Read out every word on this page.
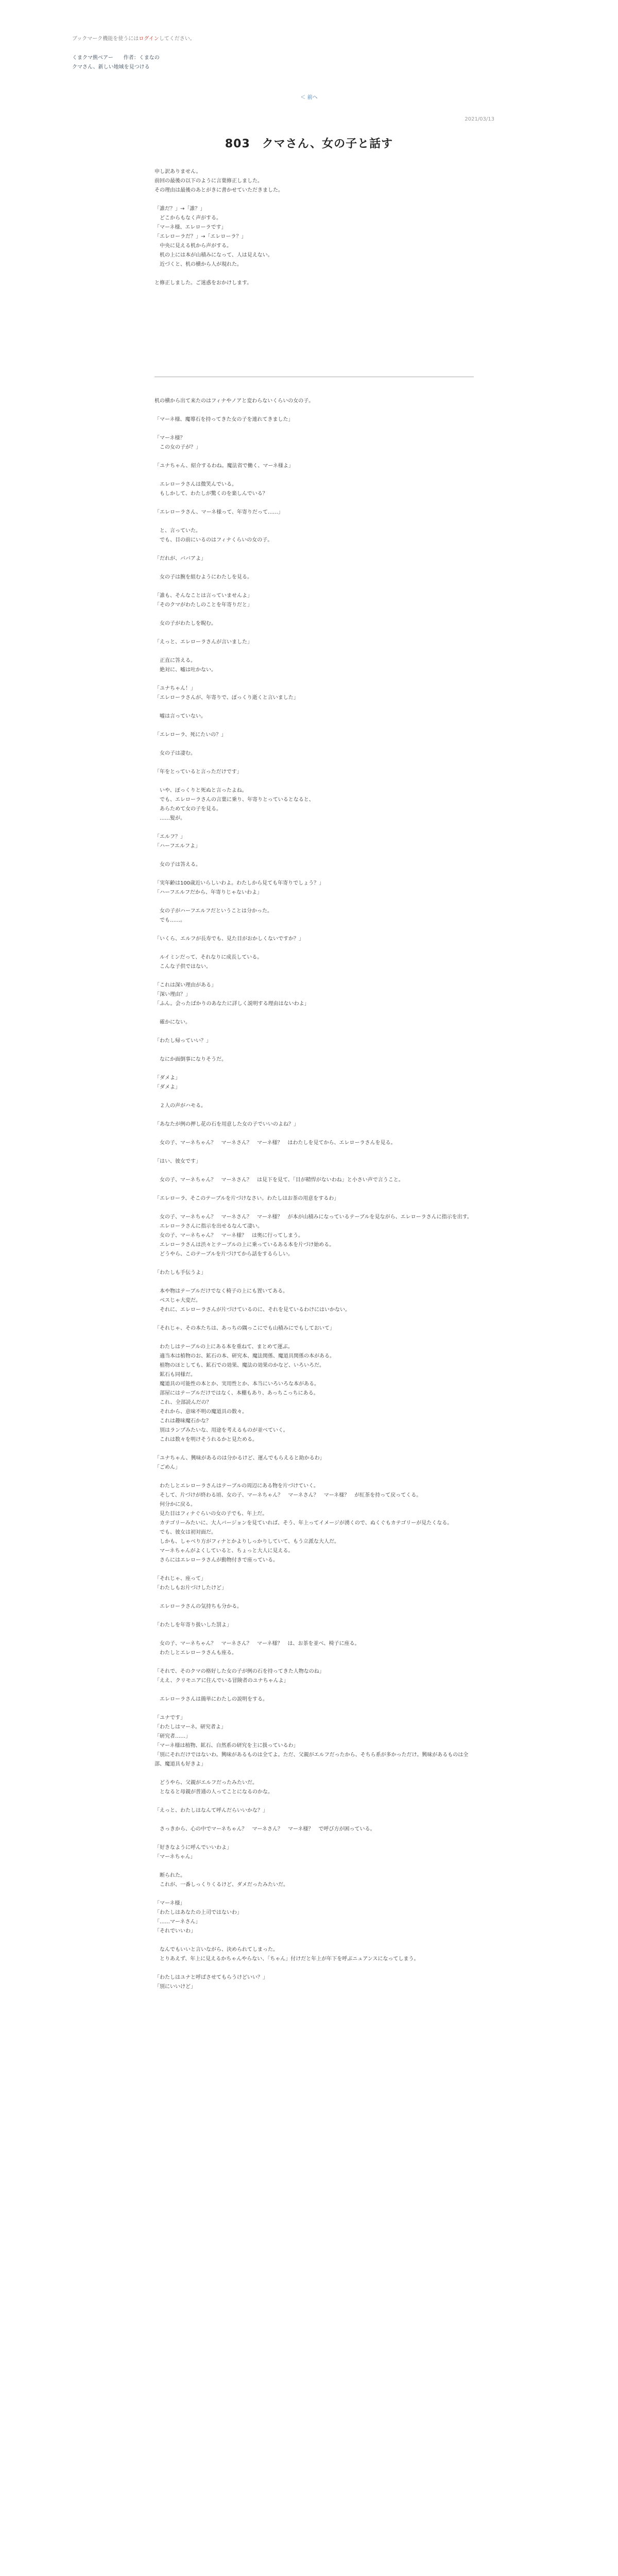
ブックマーク機能を使うにはログインしてください。
くまクマ熊ベアー　　作者：くまなの
クマさん、新しい地域を見つける
＜ 前へ
2021/03/13
803　クマさん、女の子と話す

申し訳ありません。
前回の最後の以下のように言葉修正しました。
その理由は最後のあとがきに書かせていただきました。

「誰だ？」→「誰？」
　どこからもなく声がする。
「マーネ様、エレローラです」
「エレローラだ？」→「エレローラ？」
　中央に見える机から声がする。
　机の上には本が山積みになって、人は見えない。
　近づくと、机の横から人が現れた。

と修正しました。ご迷惑をおかけします。

机の横から出て来たのはフィナやノアと変わらないくらいの女の子。

「マーネ様、魔導石を持ってきた女の子を連れてきました」

「マーネ様？
　この女の子が？」

「ユナちゃん、紹介するわね。魔法省で働く、マーネ様よ」

　エレローラさんは微笑んでいる。
　もしかして、わたしが驚くのを楽しんでいる？

「エレローラさん、マーネ様って、年寄りだって……」

　と、言っていた。
　でも、目の前にいるのはフィナくらいの女の子。

「だれが、ババアよ」

　女の子は腕を組むようにわたしを見る。

「誰も、そんなことは言っていませんよ」
「そのクマがわたしのことを年寄りだと」

　女の子がわたしを睨む。

「えっと、エレローラさんが言いました」

　正直に答える。
　絶対に、嘘は吐かない。

「ユナちゃん！」
「エレローラさんが、年寄りで、ぽっくり逝くと言いました」

　嘘は言っていない。

「エレローラ、死にたいの？」

　女の子は凄む。

「年をとっていると言っただけです」

　いや、ぽっくりと死ぬと言ったよね。
　でも、エレローラさんの言葉に乗り、年寄りとっているとなると、
　あらためて女の子を見る。
　……髪が。

「エルフ？」
「ハーフエルフよ」

　女の子は答える。

「実年齢は100歳近いらしいわよ。わたしから見ても年寄りでしょう？」
「ハーフエルフだから、年寄りじゃないわよ」

　女の子がハーフエルフだということは分かった。
　でも……。

「いくら、エルフが長寿でも、見た目がおかしくないですか？」

　ルイミンだって、それなりに成長している。
　こんな子供ではない。

「これは深い理由がある」
「深い理由？」
「ふん。会ったばかりのあなたに詳しく説明する理由はないわよ」

　確かにない。

「わたし帰っていい？」

　なにか面倒事になりそうだ。

「ダメよ」
「ダメよ」

　２人の声がハモる。

「あなたが例の押し花の石を用意した女の子でいいのよね？」

　女の子、マーネちゃん？　マーネさん？　マーネ様？　はわたしを見てから、エレローラさんを見る。

「はい、彼女です」

　女の子、マーネちゃん？　マーネさん？　は見下を見て、「目が精悍がないわね」と小さい声で言うこと。

「エレローラ、そこのテーブルを片づけなさい。わたしはお茶の用意をするわ」

　女の子、マーネちゃん？　マーネさん？　マーネ様？　が本が山積みになっているテーブルを見ながら、エレローラさんに指示を出す。
　エレローラさんに指示を出せるなんて凄い。
　女の子、マーネちゃん？　マーネ様？　は奥に行ってしまう。
　エレローラさんは渋々とテーブルの上に乗っているある本を片づけ始める。
　どうやら、このテーブルを片づけてから話をするらしい。

「わたしも手伝うよ」

　本や物はテーブルだけでなく椅子の上にも置いてある。
　ベスじゃ大変だ。
　それに、エレローラさんが片づけているのに、それを見ているわけにはいかない。

「それじゃ、その本たちは、あっちの隅っこにでも山積みにでもしておいて」

　わたしはテーブルの上にある本を重ねて、まとめて運ぶ。
　適当本は植物のお、鉱石の本、研究本、魔法関係、魔道具関係の本がある。
　植物のほとしても、鉱石での効果、魔法の効果のかなど、いろいろだ。
　鉱石も同様だ。
　魔道具の可能性の本とか、実用性とか、本当にいろいろな本がある。
　部屋にはテーブルだけではなく、本棚もあり、あっちこっちにある。
　これ、全部読んだの？
　それから、意味不明の魔道具の数々。
　これは趣味魔石かな？
　別はランプみたいな、用途を考えるものが並べていく。
　これは数々を明けそうれるかと見ためる。

「ユナちゃん、興味があるのは分かるけど、運んでもらえると助かるわ」
「ごめん」

　わたしとエレローラさんはテーブルの周辺にある物を片づけていく。
　そして、片づけが終わる頃、女の子、マーネちゃん？　マーネさん？　マーネ様？　が紅茶を持って戻ってくる。
　何分かに戻る。
　見た目はフィナぐらいの女の子でも、年上だ。
　カテゴリーみたいに、大人バージョンを見ていれば、そう、年上ってイメージが湧くので、ぬくぐもカテゴリーが見たくなる。
　でも、彼女は初対面だ。
　しかも、しゃべり方がフィナとかよりしっかりしていて、もう立派な大人だ。
　マーネちゃんがよくしていると、ちょっと大人に見える。
　さらにはエレローラさんが動物付きで座っている。

「それじゃ、座って」
「わたしもお片づけしたけど」

　エレローラさんの気持ちも分かる。

「わたしを年寄り扱いした罰よ」

　女の子、マーネちゃん？　マーネさん？　マーネ様？　は、お茶を並べ、椅子に座る。
　わたしとエレローラさんも座る。

「それで、そのクマの格好した女の子が例の石を持ってきた人物なのね」
「ええ、クリモニアに住んでいる冒険者のユナちゃんよ」

　エレローラさんは簡単にわたしの説明をする。

「ユナです」
「わたしはマーネ。研究者よ」
「研究者……」
「マーネ様は植物、鉱石、自然系の研究を主に扱っているわ」
「別にそれだけではないわ。興味があるものは全てよ。ただ、父親がエルフだったから、そちら系が多かっただけ。興味があるものは全部、魔道具も好きよ」

　どうやら、父親がエルフだったみたいだ。
　となると母親が普通の人ってことになるのかな。

「えっと、わたしはなんて呼んだらいいかな？」

　さっきから、心の中でマーネちゃん？　マーネさん？　マーネ様？　で呼び方が困っている。

「好きなように呼んでいいわよ」
「マーネちゃん」

　断られた。
　これが、一番しっくりくるけど、ダメだったみたいだ。

「マーネ様」
「わたしはあなたの上司ではないわ」
「……マーネさん」
「それでいいわ」

　なんでもいいと言いながら、決められてしまった。
　とりあえず、年上に見えるかちゃんやらない、「ちゃん」付けだと年上が年下を呼ぶニュアンスになってしまう。

「わたしはユナと呼ばさせてもらうけどいい？」
「別にいいけど」
